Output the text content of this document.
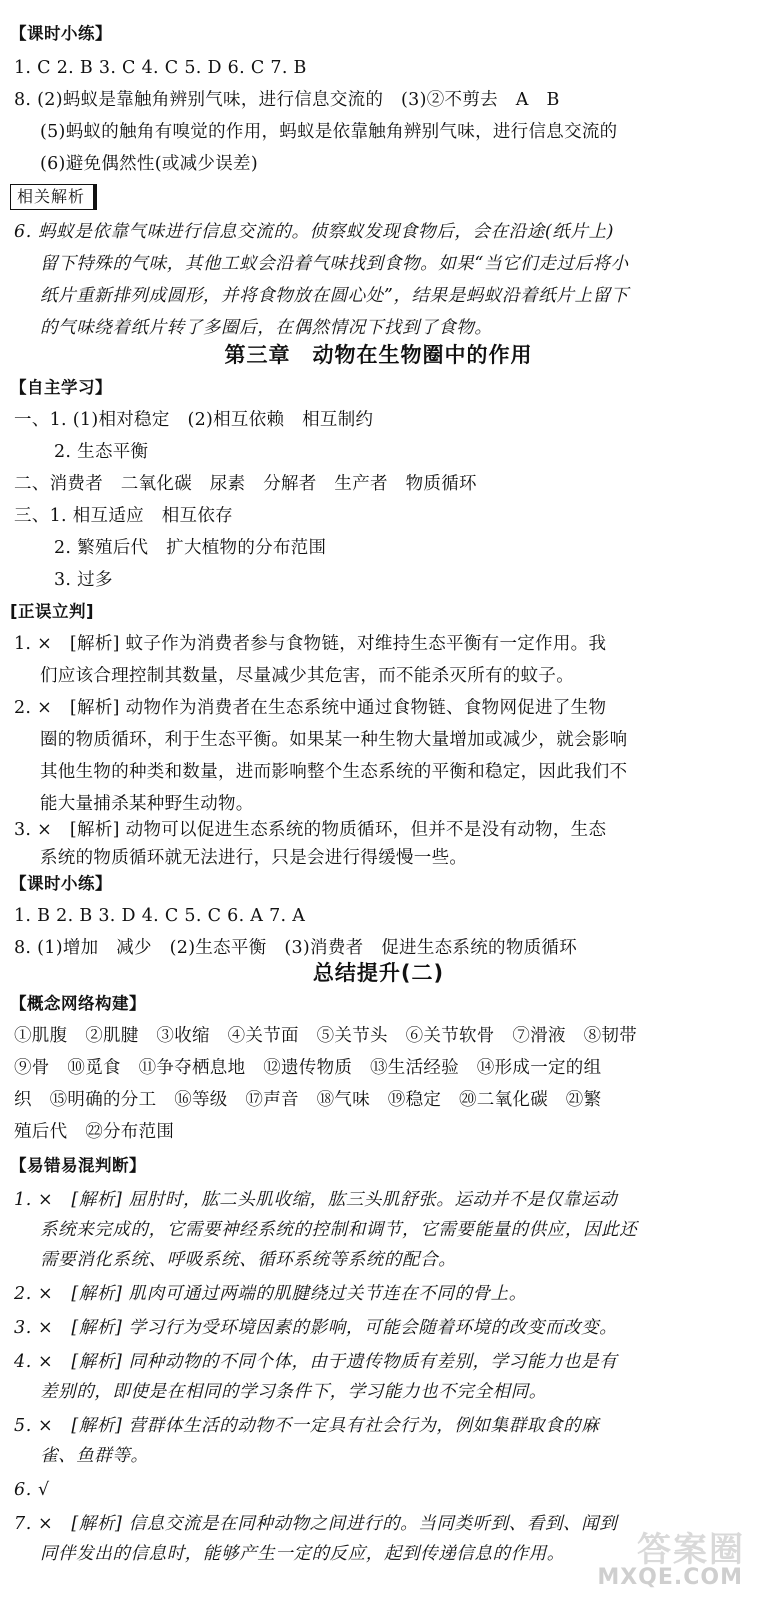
【课时小练】
1. C 2. B 3. C 4. C 5. D 6. C 7. B
8. (2)蚂蚁是靠触角辨别气味，进行信息交流的　(3)②不剪去　A　B
(5)蚂蚁的触角有嗅觉的作用，蚂蚁是依靠触角辨别气味，进行信息交流的
(6)避免偶然性(或减少误差)
相关解析
6. 蚂蚁是依靠气味进行信息交流的。侦察蚁发现食物后，会在沿途(纸片上)
留下特殊的气味，其他工蚁会沿着气味找到食物。如果“当它们走过后将小
纸片重新排列成圆形，并将食物放在圆心处”，结果是蚂蚁沿着纸片上留下
的气味绕着纸片转了多圈后，在偶然情况下找到了食物。
第三章　动物在生物圈中的作用
【自主学习】
一、1. (1)相对稳定　(2)相互依赖　相互制约
2. 生态平衡
二、消费者　二氧化碳　尿素　分解者　生产者　物质循环
三、1. 相互适应　相互依存
2. 繁殖后代　扩大植物的分布范围
3. 过多
[正误立判]
1. ×　[解析] 蚊子作为消费者参与食物链，对维持生态平衡有一定作用。我
们应该合理控制其数量，尽量减少其危害，而不能杀灭所有的蚊子。
2. ×　[解析] 动物作为消费者在生态系统中通过食物链、食物网促进了生物
圈的物质循环，利于生态平衡。如果某一种生物大量增加或减少，就会影响
其他生物的种类和数量，进而影响整个生态系统的平衡和稳定，因此我们不
能大量捕杀某种野生动物。
3. ×　[解析] 动物可以促进生态系统的物质循环，但并不是没有动物，生态
系统的物质循环就无法进行，只是会进行得缓慢一些。
【课时小练】
1. B 2. B 3. D 4. C 5. C 6. A 7. A
8. (1)增加　减少　(2)生态平衡　(3)消费者　促进生态系统的物质循环
总结提升(二)
【概念网络构建】
①肌腹　②肌腱　③收缩　④关节面　⑤关节头　⑥关节软骨　⑦滑液　⑧韧带
⑨骨　⑩觅食　⑪争夺栖息地　⑫遗传物质　⑬生活经验　⑭形成一定的组
织　⑮明确的分工　⑯等级　⑰声音　⑱气味　⑲稳定　⑳二氧化碳　㉑繁
殖后代　㉒分布范围
【易错易混判断】
1. ×　[解析] 屈肘时，肱二头肌收缩，肱三头肌舒张。运动并不是仅靠运动
系统来完成的，它需要神经系统的控制和调节，它需要能量的供应，因此还
需要消化系统、呼吸系统、循环系统等系统的配合。
2. ×　[解析] 肌肉可通过两端的肌腱绕过关节连在不同的骨上。
3. ×　[解析] 学习行为受环境因素的影响，可能会随着环境的改变而改变。
4. ×　[解析] 同种动物的不同个体，由于遗传物质有差别，学习能力也是有
差别的，即使是在相同的学习条件下，学习能力也不完全相同。
5. ×　[解析] 营群体生活的动物不一定具有社会行为，例如集群取食的麻
雀、鱼群等。
6. √
7. ×　[解析] 信息交流是在同种动物之间进行的。当同类听到、看到、闻到
同伴发出的信息时，能够产生一定的反应，起到传递信息的作用。 答案圈
MXQE.COM
